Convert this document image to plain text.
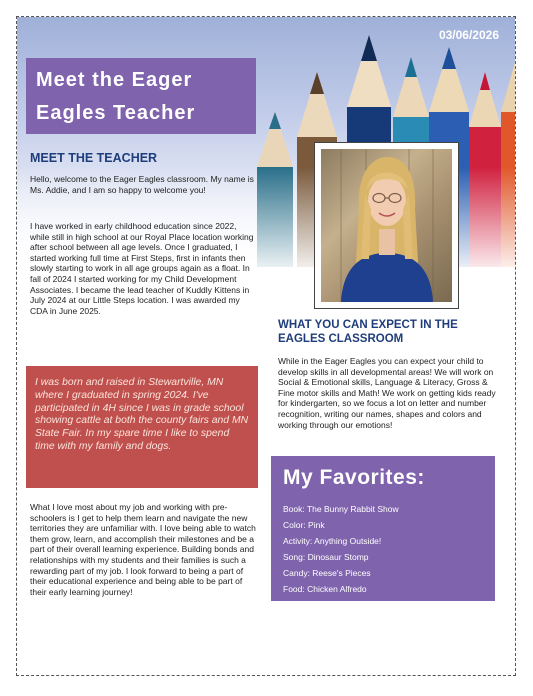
03/06/2026
Meet the Eager
Eagles Teacher
MEET THE TEACHER
Hello, welcome to the Eager Eagles classroom. My name is Ms. Addie, and I am so happy to welcome you!
I have worked in early childhood education since 2022, while still in high school at our Royal Place location working after school between all age levels. Once I graduated, I started working full time at First Steps, first in infants then slowly starting to work in all age groups again as a float. In fall of 2024 I started working for my Child Development Associates. I became the lead teacher of Kuddly Kittens in July 2024 at our Little Steps location. I was awarded my CDA in June 2025.
WHAT YOU CAN EXPECT IN THE EAGLES CLASSROOM
While in the Eager Eagles you can expect your child to develop skills in all developmental areas! We will work on Social & Emotional skills, Language & Literacy, Gross & Fine motor skills and Math! We work on getting kids ready for kindergarten, so we focus a lot on letter and number recognition, writing our names, shapes and colors and working through our emotions!
I was born and raised in Stewartville, MN where I graduated in spring 2024. I've participated in 4H since I was in grade school showing cattle at both the county fairs and MN State Fair. In my spare time I like to spend time with my family and dogs.
What I love most about my job and working with pre-schoolers is I get to help them learn and navigate the new territories they are unfamiliar with. I love being able to watch them grow, learn, and accomplish their milestones and be a part of their overall learning experience. Building bonds and relationships with my students and their families is such a rewarding part of my job. I look forward to being a part of their educational experience and being able to be part of their early learning journey!
My Favorites:
Book: The Bunny Rabbit Show
Color: Pink
Activity: Anything Outside!
Song: Dinosaur Stomp
Candy: Reese's Pieces
Food: Chicken Alfredo
